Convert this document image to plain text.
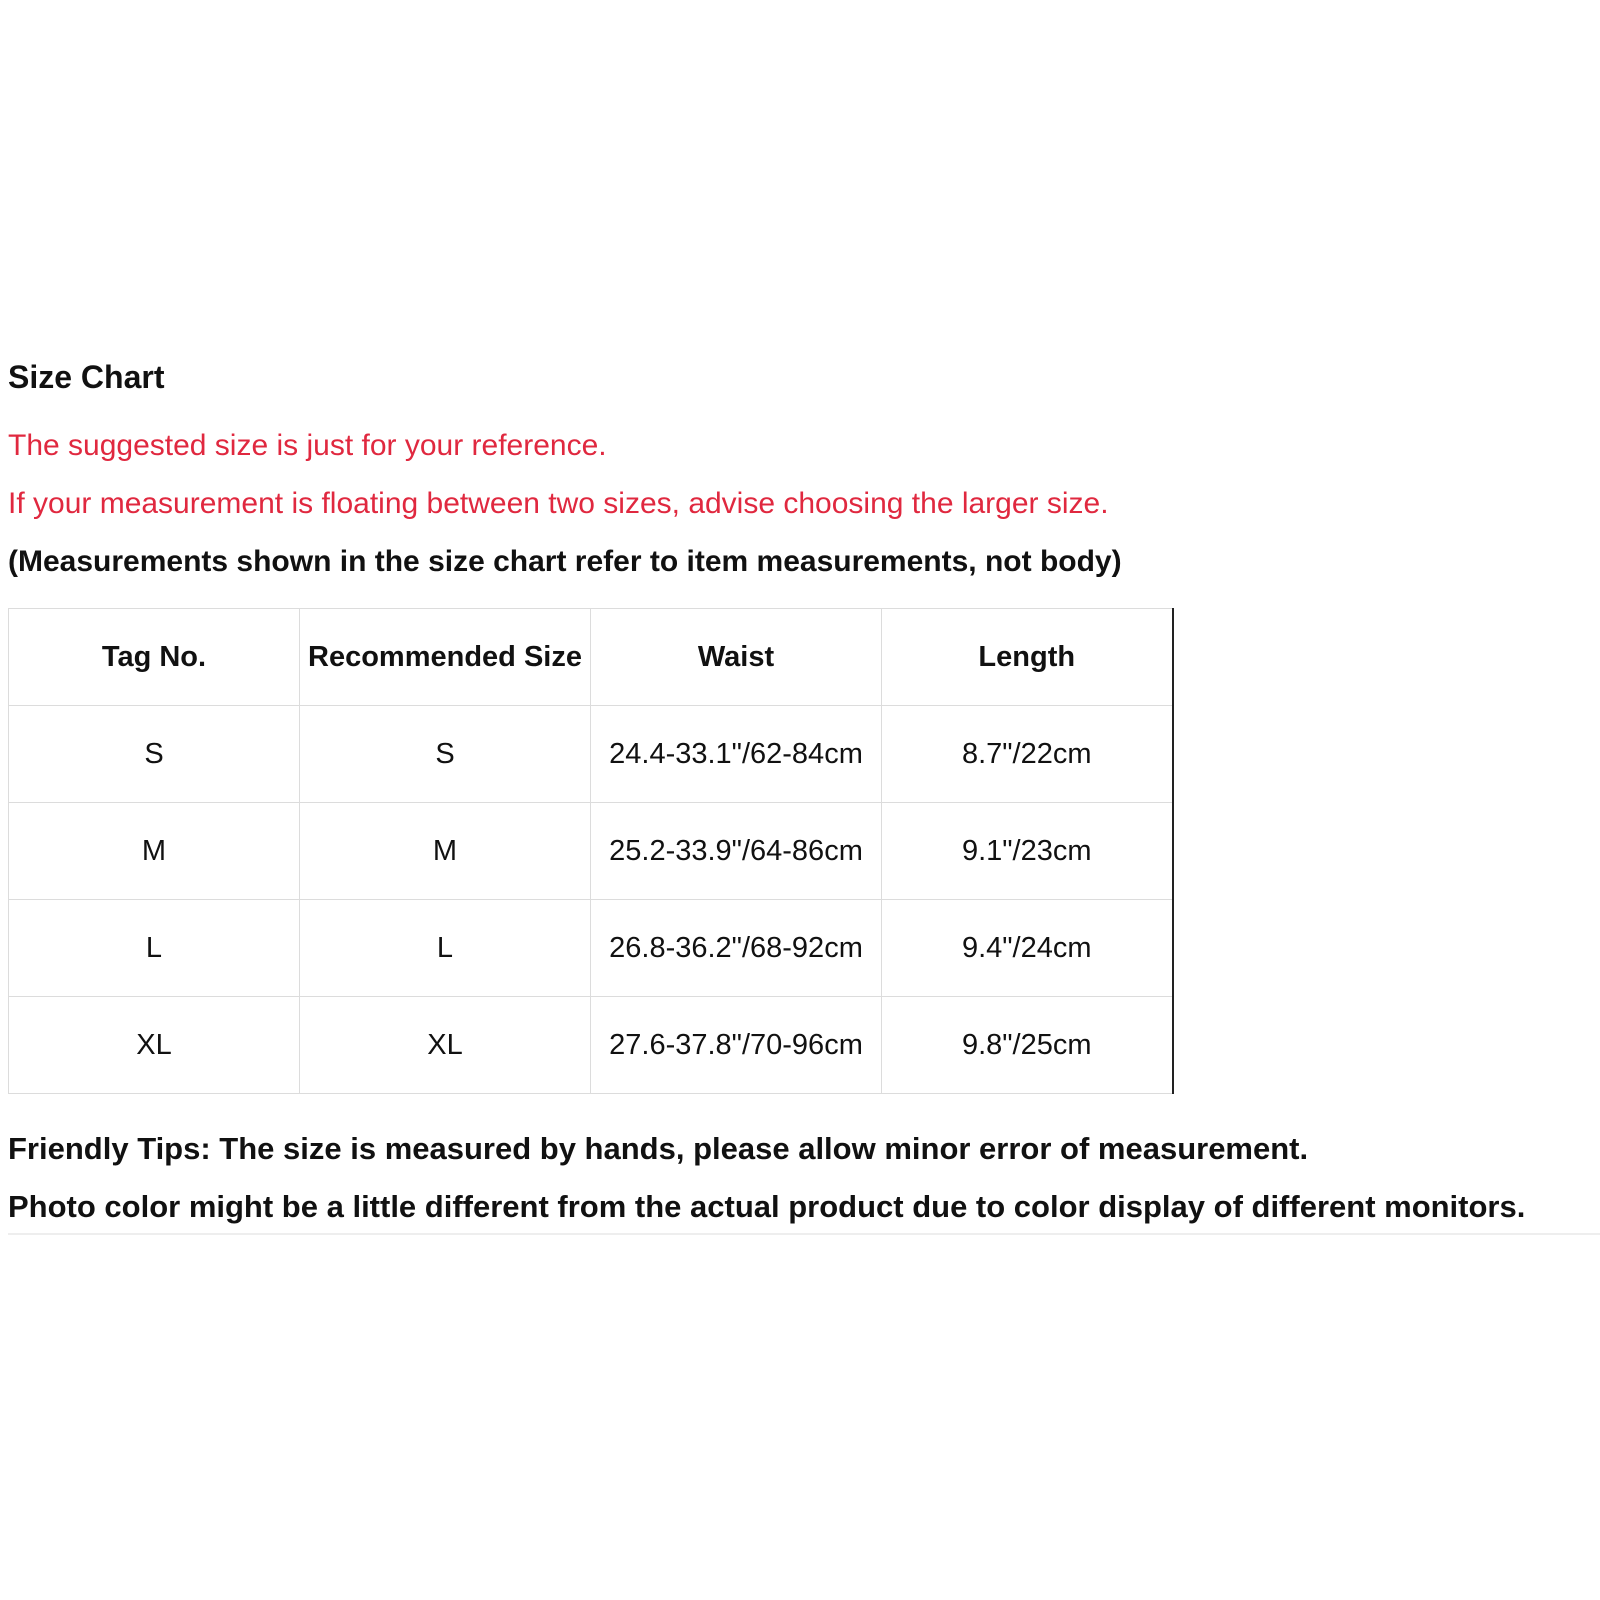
Size Chart
The suggested size is just for your reference.
If your measurement is floating between two sizes, advise choosing the larger size.
(Measurements shown in the size chart refer to item measurements, not body)
Tag No.	Recommended Size	Waist	Length
S	S	24.4-33.1"/62-84cm	8.7"/22cm
M	M	25.2-33.9"/64-86cm	9.1"/23cm
L	L	26.8-36.2"/68-92cm	9.4"/24cm
XL	XL	27.6-37.8"/70-96cm	9.8"/25cm
Friendly Tips: The size is measured by hands, please allow minor error of measurement.
Photo color might be a little different from the actual product due to color display of different monitors.
